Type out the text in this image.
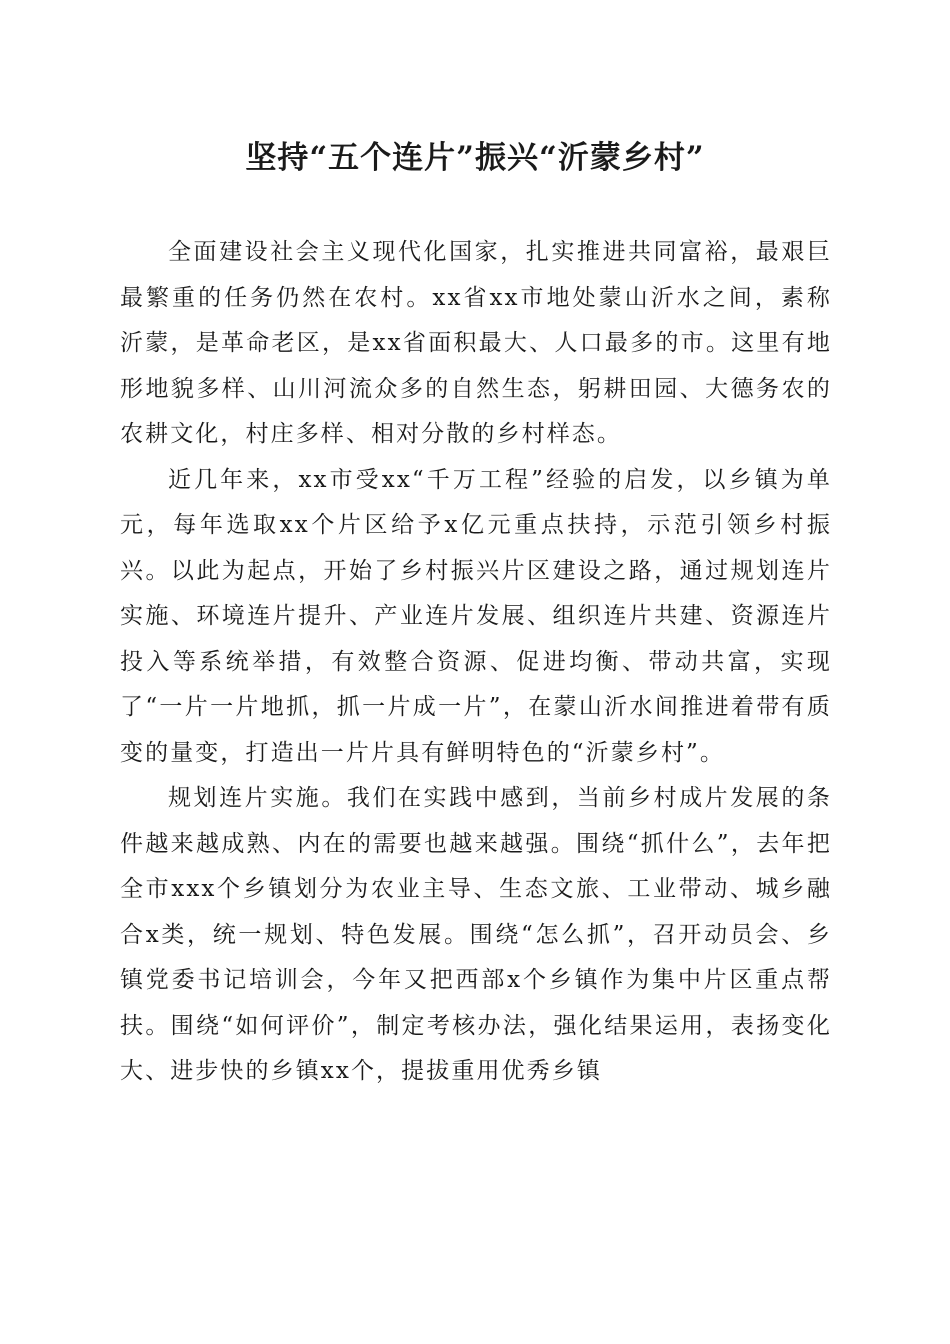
坚持“五个连片”振兴“沂蒙乡村”

全面建设社会主义现代化国家，扎实推进共同富裕，最艰巨最繁重的任务仍然在农村。xx省xx市地处蒙山沂水之间，素称沂蒙，是革命老区，是xx省面积最大、人口最多的市。这里有地形地貌多样、山川河流众多的自然生态，躬耕田园、大德务农的农耕文化，村庄多样、相对分散的乡村样态。

近几年来，xx市受xx“千万工程”经验的启发，以乡镇为单元，每年选取xx个片区给予x亿元重点扶持，示范引领乡村振兴。以此为起点，开始了乡村振兴片区建设之路，通过规划连片实施、环境连片提升、产业连片发展、组织连片共建、资源连片投入等系统举措，有效整合资源、促进均衡、带动共富，实现了“一片一片地抓，抓一片成一片”，在蒙山沂水间推进着带有质变的量变，打造出一片片具有鲜明特色的“沂蒙乡村”。

规划连片实施。我们在实践中感到，当前乡村成片发展的条件越来越成熟、内在的需要也越来越强。围绕“抓什么”，去年把全市xxx个乡镇划分为农业主导、生态文旅、工业带动、城乡融合x类，统一规划、特色发展。围绕“怎么抓”，召开动员会、乡镇党委书记培训会，今年又把西部x个乡镇作为集中片区重点帮扶。围绕“如何评价”，制定考核办法，强化结果运用，表扬变化大、进步快的乡镇xx个，提拔重用优秀乡镇
